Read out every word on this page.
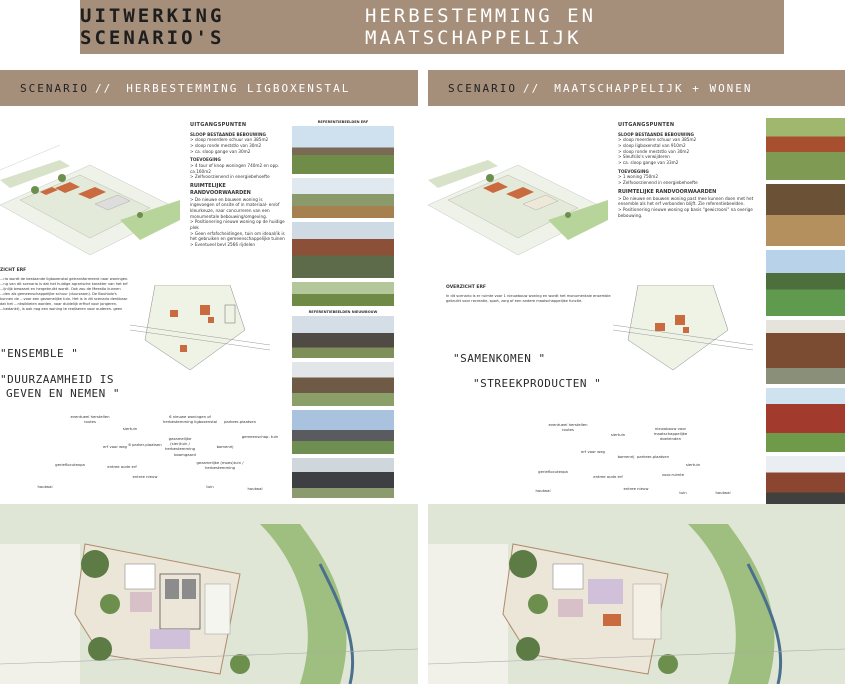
UITWERKING SCENARIO'S
HERBESTEMMING EN MAATSCHAPPELIJK
SCENARIO // HERBESTEMMING LIGBOXENSTAL
UITGANGSPUNTEN
SLOOP BESTAANDE BEBOUWING
> sloop meerdere schuur van 385m2
> sloop ronde meststlo van 30m2
> ca. sloop gange van 30m2
TOEVOEGING
> 4 tour of knop woningen 740m2 en opp. ca.160m2
> Zelfvoorzienend in energiebehoefte
RUIMTELIJKE RANDVOORWAARDEN
> De nieuwe en bouwen woning is ingevoegen of onsite of in materiaal- en/of kleurkeuze, naar concurreren van een monumentale bebouwing/omgeving.
> Positionering nieuwe woning op de huidige plek
> Geen erfafscheidingen, tuin om ideaal/ik is het gebruiken en gemeenschappelijke tuinen
> Eventueel bevl 2566 rijdelen
REFERENTIEBEELDEN ERF
REFERENTIEBEELDEN NIEUWBOUW
ZICHT ERF
...rio wordt de bestaande ligboxenstal getransformeerd naar woningen. ...ng van dit scenario is dat het huidige agrarische karakter van het erf ...ijnlijk bewaard en hergebruikt wordt. Ook zou de Meestlo kunnen ...den als gemeenschappelijke schuur (duurzaam). De Bouhlolo's kunnen de ...voor een gezamelijke tuin. Het is in dit scenario denkbaar dat het ...ntwikkelen worden, naar duidelijk erfhof voor jongeren. ...bedankt), is ook nog een woning te realiseren voor ouderen. geen
"ENSEMBLE "
"DUURZAAMHEID IS
GEVEN EN NEMEN "
eventueel herstellen routes
siertuin
6 nieuwe woningen of herbestemming ligboxenstal	parkeer-plaatsen
gemeenschap. tuin
erf voor weg 6 parker-plaatsen
boomgaard
gezamelijke (sier)tuin / herbestemming	bomenrij
entree oude erf
gezamelijke (moes)tuin / herbestemming
gerieflocutexpa
houtwal
entree nieuw
tuin	houtwal
SCENARIO // MAATSCHAPPELIJK + WONEN
UITGANGSPUNTEN
SLOOP BESTAANDE BEBOUWING
> sloop meerdere schuur van 385m2
> sloop ligboxenstal van 910m2
> sloop ronde meststlo van 30m2
> Sleufsilo's verwijderen
> ca. sloop gange van 33m2
TOEVOEGING
> 1 woning 750m2
> Zelfvoorzienend in energiebehoefte
RUIMTELIJKE RANDVOORWAARDEN
> De nieuwe en bouwen woning past mee kunnen doen met het ensemble als het erf verbonden blijft. Zie referentiebeelden.
> Positionering nieuwe woning op basis "gewicrooni" na overige bebouwing.
OVERZICHT ERF
In dit scenario is er ruimte voor 1 nieuwbouw woning en wordt het monumentale ensemble gebruikt voor recreatie, sport, zorg of een andere maatschappelijke functie.
"SAMENKOMEN "
"STREEKPRODUCTEN "
eventueel herstellen routes
siertuin
nieuwbouw voor maatschappelijke doeleinden
erf voor weg
bomenrij parkeer-plaatsen
gerieflocutexpa
entree oude erf	voor-ruimte
siertuin
houtwal	entree nieuw
tuin	houtwal
